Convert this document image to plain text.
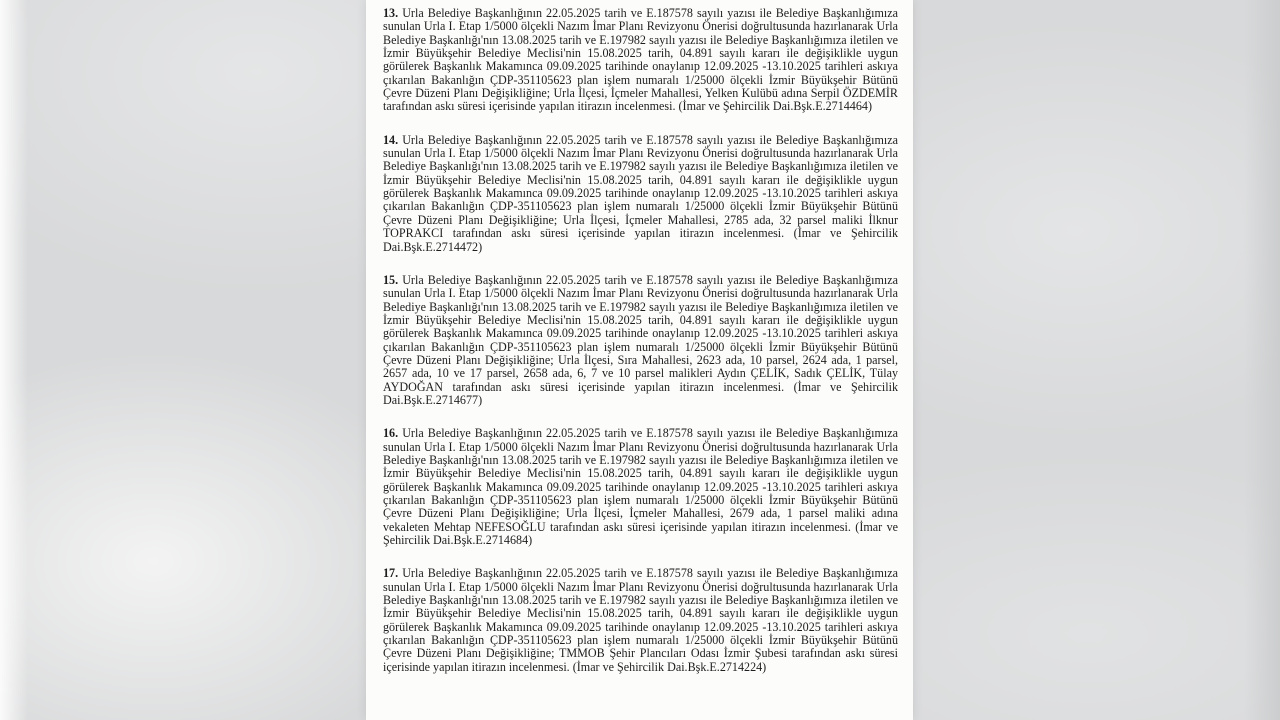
13. Urla Belediye Başkanlığının 22.05.2025 tarih ve E.187578 sayılı yazısı ile Belediye Başkanlığımıza sunulan Urla I. Etap 1/5000 ölçekli Nazım İmar Planı Revizyonu Önerisi doğrultusunda hazırlanarak Urla Belediye Başkanlığı'nın 13.08.2025 tarih ve E.197982 sayılı yazısı ile Belediye Başkanlığımıza iletilen ve İzmir Büyükşehir Belediye Meclisi'nin 15.08.2025 tarih, 04.891 sayılı kararı ile değişiklikle uygun görülerek Başkanlık Makamınca 09.09.2025 tarihinde onaylanıp 12.09.2025 -13.10.2025 tarihleri askıya çıkarılan Bakanlığın ÇDP-351105623 plan işlem numaralı 1/25000 ölçekli İzmir Büyükşehir Bütünü Çevre Düzeni Planı Değişikliğine; Urla İlçesi, İçmeler Mahallesi, Yelken Kulübü adına Serpil ÖZDEMİR tarafından askı süresi içerisinde yapılan itirazın incelenmesi. (İmar ve Şehircilik Dai.Bşk.E.2714464)

14. Urla Belediye Başkanlığının 22.05.2025 tarih ve E.187578 sayılı yazısı ile Belediye Başkanlığımıza sunulan Urla I. Etap 1/5000 ölçekli Nazım İmar Planı Revizyonu Önerisi doğrultusunda hazırlanarak Urla Belediye Başkanlığı'nın 13.08.2025 tarih ve E.197982 sayılı yazısı ile Belediye Başkanlığımıza iletilen ve İzmir Büyükşehir Belediye Meclisi'nin 15.08.2025 tarih, 04.891 sayılı kararı ile değişiklikle uygun görülerek Başkanlık Makamınca 09.09.2025 tarihinde onaylanıp 12.09.2025 -13.10.2025 tarihleri askıya çıkarılan Bakanlığın ÇDP-351105623 plan işlem numaralı 1/25000 ölçekli İzmir Büyükşehir Bütünü Çevre Düzeni Planı Değişikliğine; Urla İlçesi, İçmeler Mahallesi, 2785 ada, 32 parsel maliki İlknur TOPRAKCI tarafından askı süresi içerisinde yapılan itirazın incelenmesi. (İmar ve Şehircilik Dai.Bşk.E.2714472)

15. Urla Belediye Başkanlığının 22.05.2025 tarih ve E.187578 sayılı yazısı ile Belediye Başkanlığımıza sunulan Urla I. Etap 1/5000 ölçekli Nazım İmar Planı Revizyonu Önerisi doğrultusunda hazırlanarak Urla Belediye Başkanlığı'nın 13.08.2025 tarih ve E.197982 sayılı yazısı ile Belediye Başkanlığımıza iletilen ve İzmir Büyükşehir Belediye Meclisi'nin 15.08.2025 tarih, 04.891 sayılı kararı ile değişiklikle uygun görülerek Başkanlık Makamınca 09.09.2025 tarihinde onaylanıp 12.09.2025 -13.10.2025 tarihleri askıya çıkarılan Bakanlığın ÇDP-351105623 plan işlem numaralı 1/25000 ölçekli İzmir Büyükşehir Bütünü Çevre Düzeni Planı Değişikliğine; Urla İlçesi, Sıra Mahallesi, 2623 ada, 10 parsel, 2624 ada, 1 parsel, 2657 ada, 10 ve 17 parsel, 2658 ada, 6, 7 ve 10 parsel malikleri Aydın ÇELİK, Sadık ÇELİK, Tülay AYDOĞAN tarafından askı süresi içerisinde yapılan itirazın incelenmesi. (İmar ve Şehircilik Dai.Bşk.E.2714677)

16. Urla Belediye Başkanlığının 22.05.2025 tarih ve E.187578 sayılı yazısı ile Belediye Başkanlığımıza sunulan Urla I. Etap 1/5000 ölçekli Nazım İmar Planı Revizyonu Önerisi doğrultusunda hazırlanarak Urla Belediye Başkanlığı'nın 13.08.2025 tarih ve E.197982 sayılı yazısı ile Belediye Başkanlığımıza iletilen ve İzmir Büyükşehir Belediye Meclisi'nin 15.08.2025 tarih, 04.891 sayılı kararı ile değişiklikle uygun görülerek Başkanlık Makamınca 09.09.2025 tarihinde onaylanıp 12.09.2025 -13.10.2025 tarihleri askıya çıkarılan Bakanlığın ÇDP-351105623 plan işlem numaralı 1/25000 ölçekli İzmir Büyükşehir Bütünü Çevre Düzeni Planı Değişikliğine; Urla İlçesi, İçmeler Mahallesi, 2679 ada, 1 parsel maliki adına vekaleten Mehtap NEFESOĞLU tarafından askı süresi içerisinde yapılan itirazın incelenmesi. (İmar ve Şehircilik Dai.Bşk.E.2714684)

17. Urla Belediye Başkanlığının 22.05.2025 tarih ve E.187578 sayılı yazısı ile Belediye Başkanlığımıza sunulan Urla I. Etap 1/5000 ölçekli Nazım İmar Planı Revizyonu Önerisi doğrultusunda hazırlanarak Urla Belediye Başkanlığı'nın 13.08.2025 tarih ve E.197982 sayılı yazısı ile Belediye Başkanlığımıza iletilen ve İzmir Büyükşehir Belediye Meclisi'nin 15.08.2025 tarih, 04.891 sayılı kararı ile değişiklikle uygun görülerek Başkanlık Makamınca 09.09.2025 tarihinde onaylanıp 12.09.2025 -13.10.2025 tarihleri askıya çıkarılan Bakanlığın ÇDP-351105623 plan işlem numaralı 1/25000 ölçekli İzmir Büyükşehir Bütünü Çevre Düzeni Planı Değişikliğine; TMMOB Şehir Plancıları Odası İzmir Şubesi tarafından askı süresi içerisinde yapılan itirazın incelenmesi. (İmar ve Şehircilik Dai.Bşk.E.2714224)
